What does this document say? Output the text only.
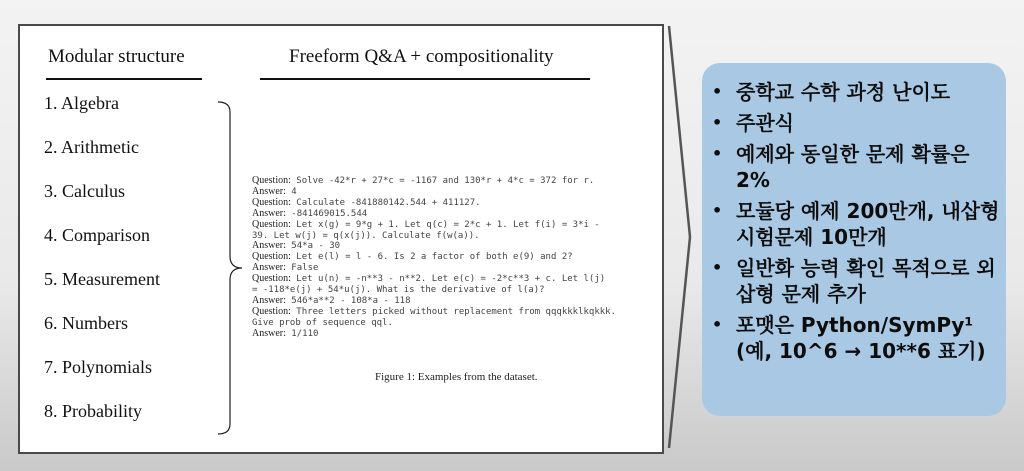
Modular structure	Freeform Q&A + compositionality
1. Algebra
2. Arithmetic
3. Calculus
4. Comparison
5. Measurement
6. Numbers
7. Polynomials
8. Probability
Question: Solve -42*r + 27*c = -1167 and 130*r + 4*c = 372 for r.
Answer: 4
Question: Calculate -841880142.544 + 411127.
Answer: -841469015.544
Question: Let x(g) = 9*g + 1. Let q(c) = 2*c + 1. Let f(i) = 3*i -
39. Let w(j) = q(x(j)). Calculate f(w(a)).
Answer: 54*a - 30
Question: Let e(l) = l - 6. Is 2 a factor of both e(9) and 2?
Answer: False
Question: Let u(n) = -n**3 - n**2. Let e(c) = -2*c**3 + c. Let l(j)
= -118*e(j) + 54*u(j). What is the derivative of l(a)?
Answer: 546*a**2 - 108*a - 118
Question: Three letters picked without replacement from qqqkkklkqkkk.
Give prob of sequence qql.
Answer: 1/110
Figure 1: Examples from the dataset.
• 중학교 수학 과정 난이도
• 주관식
• 예제와 동일한 문제 확률은 2%
• 모듈당 예제 200만개, 내삽형 시험문제 10만개
• 일반화 능력 확인 목적으로 외삽형 문제 추가
• 포맷은 Python/SymPy¹ (예, 10^6 → 10**6 표기)
